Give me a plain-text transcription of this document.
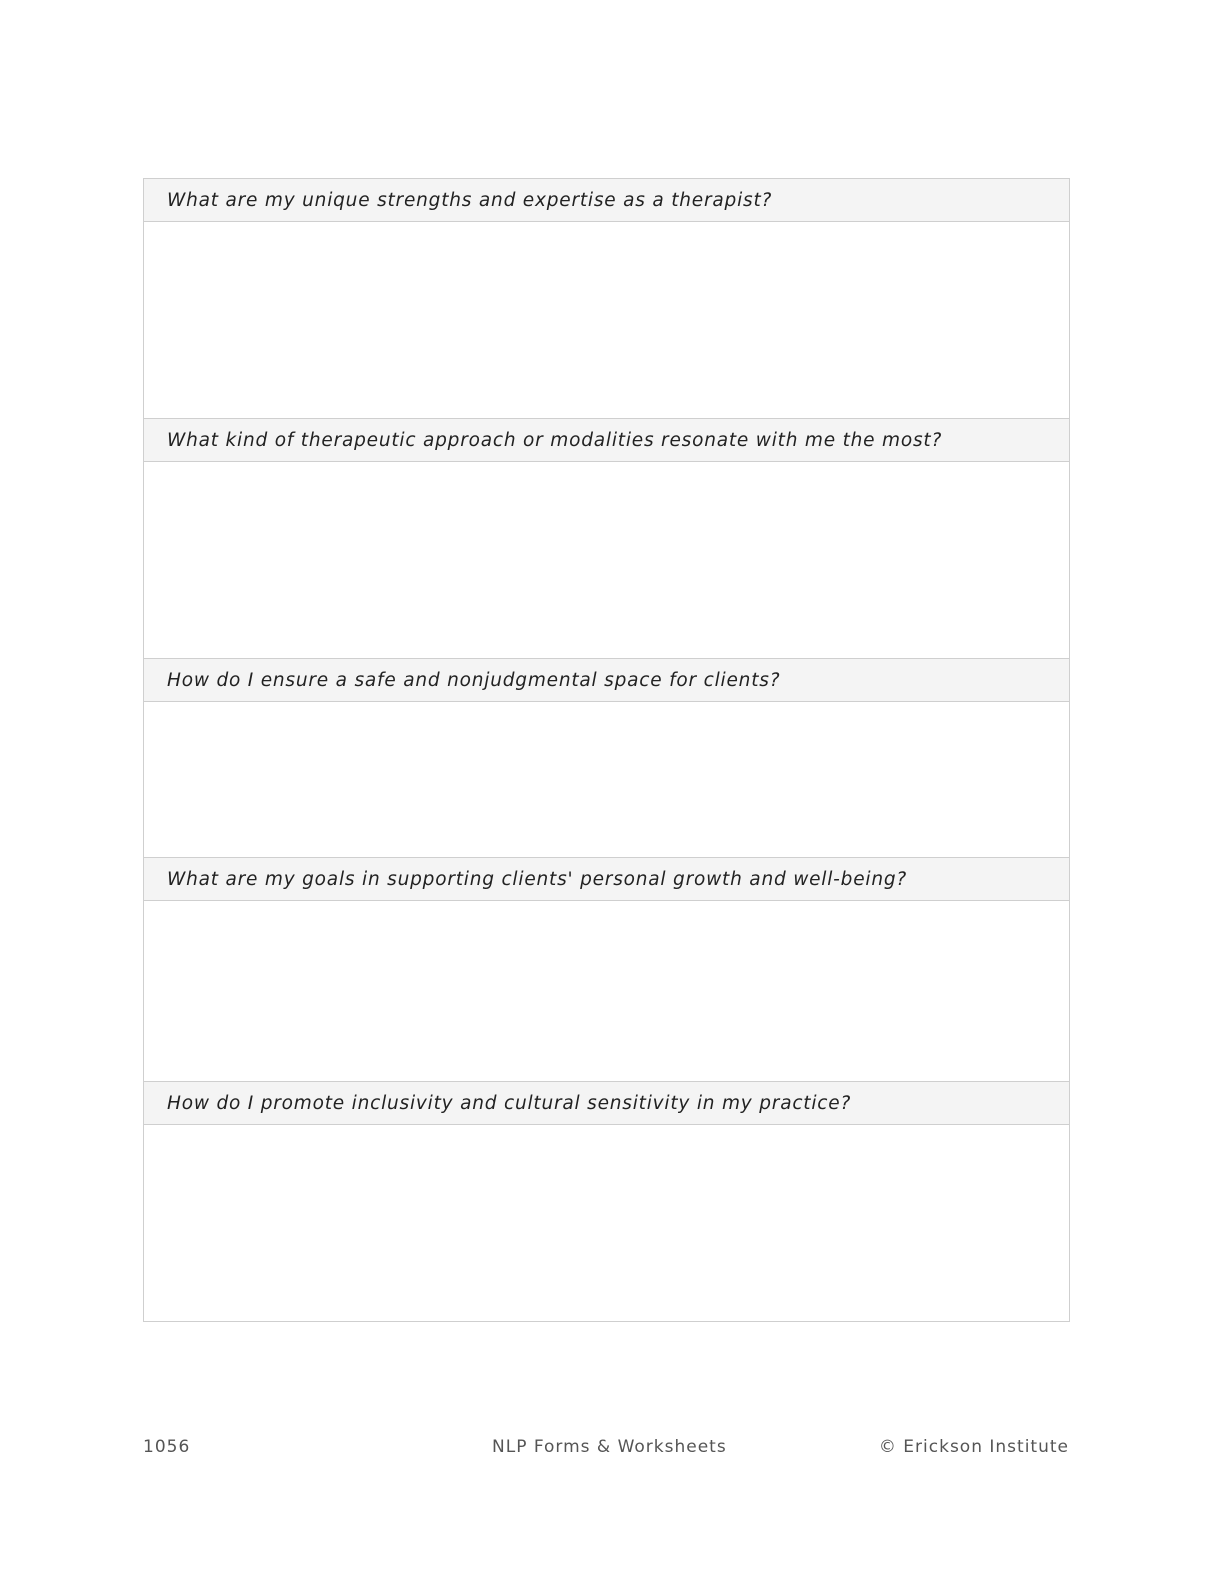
What are my unique strengths and expertise as a therapist?
What kind of therapeutic approach or modalities resonate with me the most?
How do I ensure a safe and nonjudgmental space for clients?
What are my goals in supporting clients' personal growth and well-being?
How do I promote inclusivity and cultural sensitivity in my practice?
1056	NLP Forms & Worksheets	© Erickson Institute
